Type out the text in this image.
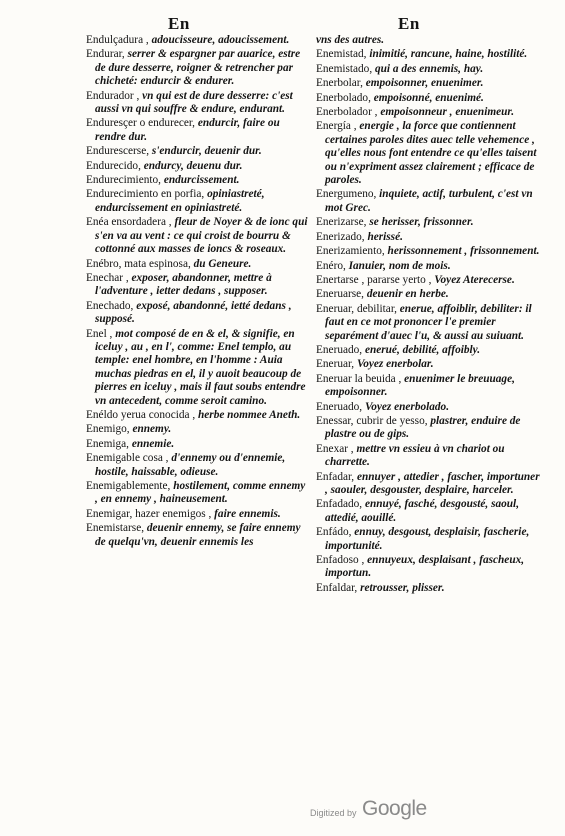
En	En

Endulçadura , adoucisseure, adoucissement.

Endurar, serrer & espargner par auarice, estre de dure desserre, roigner & retrencher par chicheté: endurcir & endurer.

Endurador , vn qui est de dure desserre: c'est aussi vn qui souffre & endure, endurant.

Enduresçer o endurecer, endurcir, faire ou rendre dur.

Endurescerse, s'endurcir, deuenir dur.

Endurecido, endurcy, deuenu dur.

Endurecimiento, endurcissement.

Endurecimiento en porfia, opiniastreté, endurcissement en opiniastreté.

Enéa ensordadera , fleur de Noyer & de ionc qui s'en va au vent : ce qui croist de bourru & cottonné aux masses de ioncs & roseaux.

Enébro, mata espinosa, du Geneure.

Enechar , exposer, abandonner, mettre à l'adventure , ietter dedans , supposer.

Enechado, exposé, abandonné, ietté dedans , supposé.

Enel , mot composé de en & el, & signifie, en iceluy , au , en l', comme: Enel templo, au temple: enel hombre, en l'homme : Auia muchas piedras en el, il y auoit beaucoup de pierres en iceluy , mais il faut soubs entendre vn antecedent, comme seroit camino.

Enéldo yerua conocida , herbe nommee Aneth.

Enemigo, ennemy.

Enemiga, ennemie.

Enemigable cosa , d'ennemy ou d'ennemie, hostile, haissable, odieuse.

Enemigablemente, hostilement, comme ennemy , en ennemy , haineusement.

Enemigar, hazer enemigos , faire ennemis.

Enemistarse, deuenir ennemy, se faire ennemy de quelqu'vn, deuenir ennemis les

vns des autres.

Enemistad, inimitié, rancune, haine, hostilité.

Enemistado, qui a des ennemis, hay.

Enerbolar, empoisonner, enuenimer.

Enerbolado, empoisonné, enuenimé.

Enerbolador , empoisonneur , enuenimeur.

Energía , energie , la force que contiennent certaines paroles dites auec telle vehemence , qu'elles nous font entendre ce qu'elles taisent ou n'expriment assez clairement ; efficace de paroles.

Energumeno, inquiete, actif, turbulent, c'est vn mot Grec.

Enerizarse, se herisser, frissonner.

Enerizado, herissé.

Enerizamiento, herissonnement , frissonnement.

Enéro, Ianuier, nom de mois.

Enertarse , pararse yerto , Voyez Aterecerse.

Eneruarse, deuenir en herbe.

Eneruar, debilitar, enerue, affoiblir, debiliter: il faut en ce mot prononcer l'e premier separément d'auec l'u, & aussi au suiuant.

Eneruado, enerué, debilité, affoibly.

Eneruar, Voyez enerbolar.

Eneruar la beuida , enuenimer le breuuage, empoisonner.

Eneruado, Voyez enerbolado.

Enessar, cubrir de yesso, plastrer, enduire de plastre ou de gips.

Enexar , mettre vn essieu à vn chariot ou charrette.

Enfadar, ennuyer , attedier , fascher, importuner , saouler, desgouster, desplaire, harceler.

Enfadado, ennuyé, fasché, desgousté, saoul, attedié, aouillé.

Enfádo, ennuy, desgoust, desplaisir, fascherie, importunité.

Enfadoso , ennuyeux, desplaisant , fascheux, importun.

Enfaldar, retrousser, plisser.

Digitized by Google
